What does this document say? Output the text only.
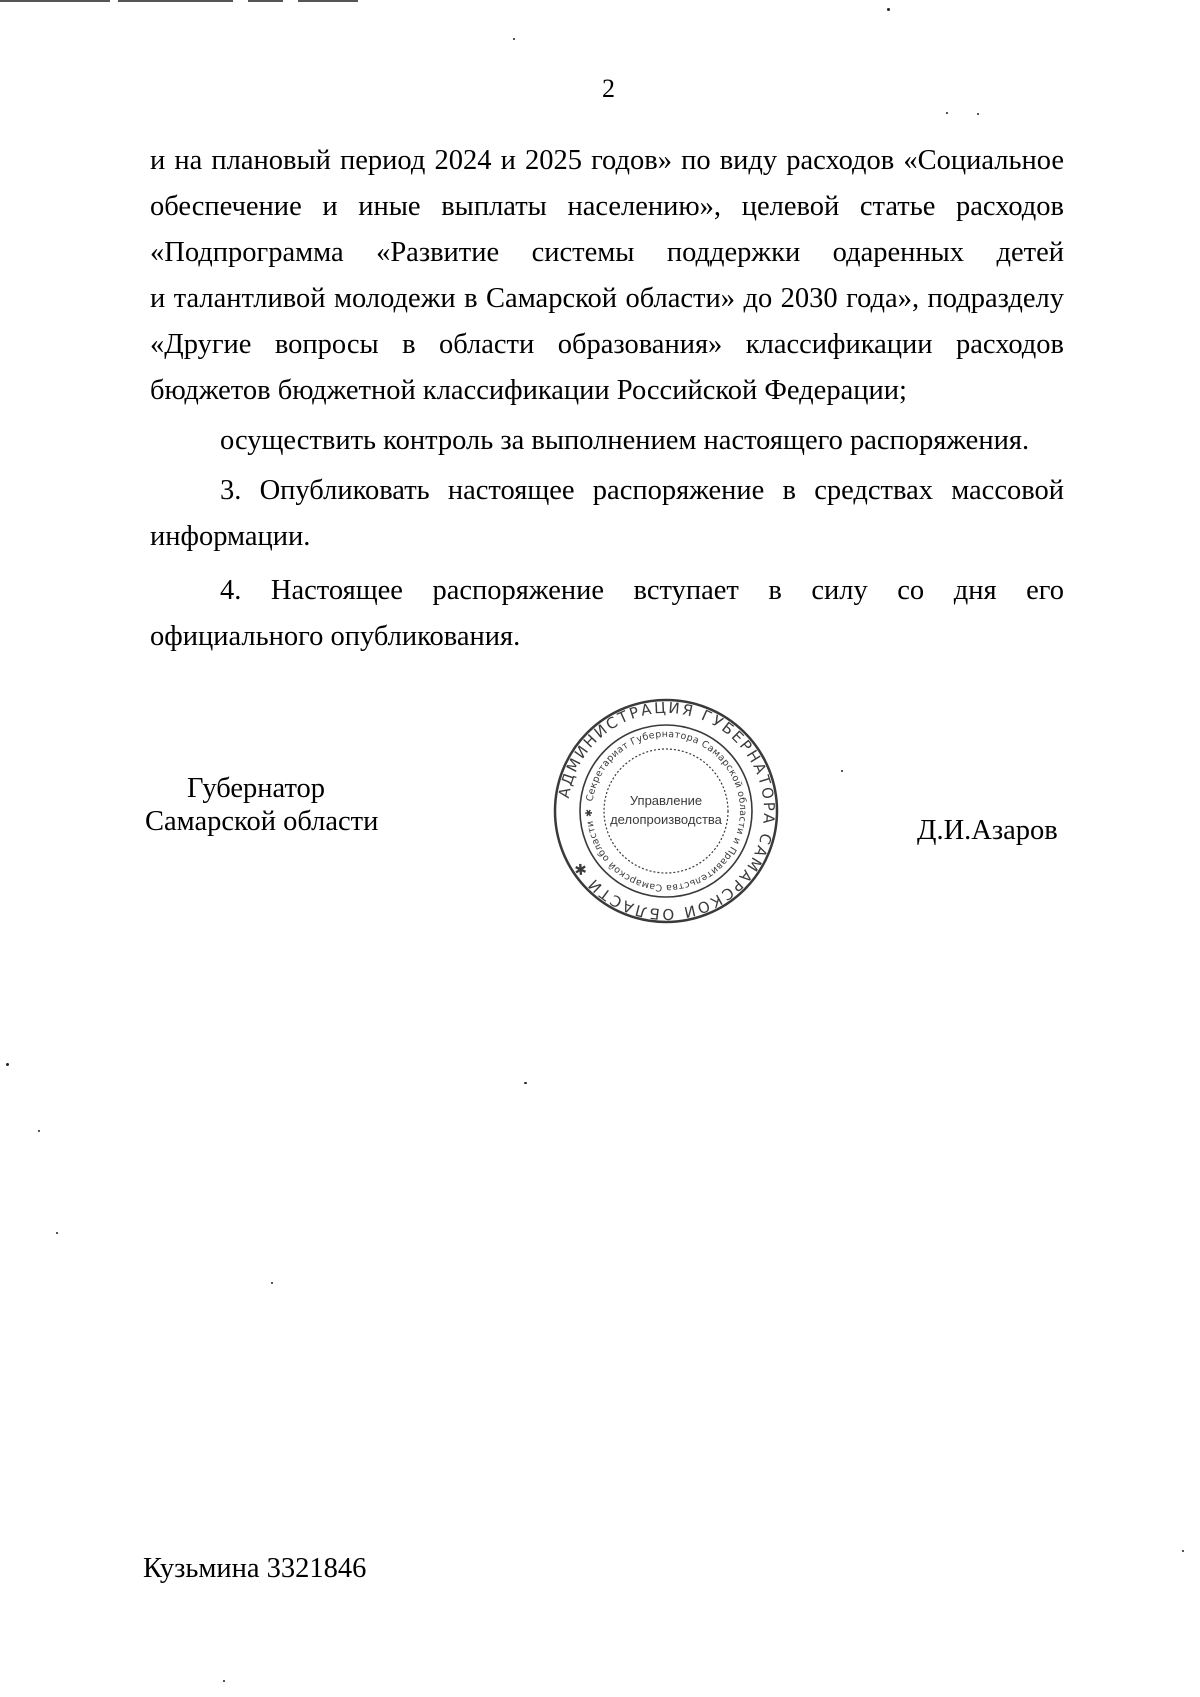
2

и на плановый период 2024 и 2025 годов» по виду расходов «Социальное
обеспечение и иные выплаты населению», целевой статье расходов
«Подпрограмма «Развитие системы поддержки одаренных детей
и талантливой молодежи в Самарской области» до 2030 года», подразделу
«Другие вопросы в области образования» классификации расходов
бюджетов бюджетной классификации Российской Федерации;

осуществить контроль за выполнением настоящего распоряжения.

3. Опубликовать настоящее распоряжение в средствах массовой информации.

4. Настоящее распоряжение вступает в силу со дня его официального опубликования.

Губернатор
Самарской области
АДМИНИСТРАЦИЯ ГУБЕРНАТОРА САМАРСКОЙ ОБЛАСТИ ✱
Секретариат Губернатора Самарской области и Правительства Самарской области ✱
Управление
делопроизводства	Д.И.Азаров
Кузьмина 3321846
